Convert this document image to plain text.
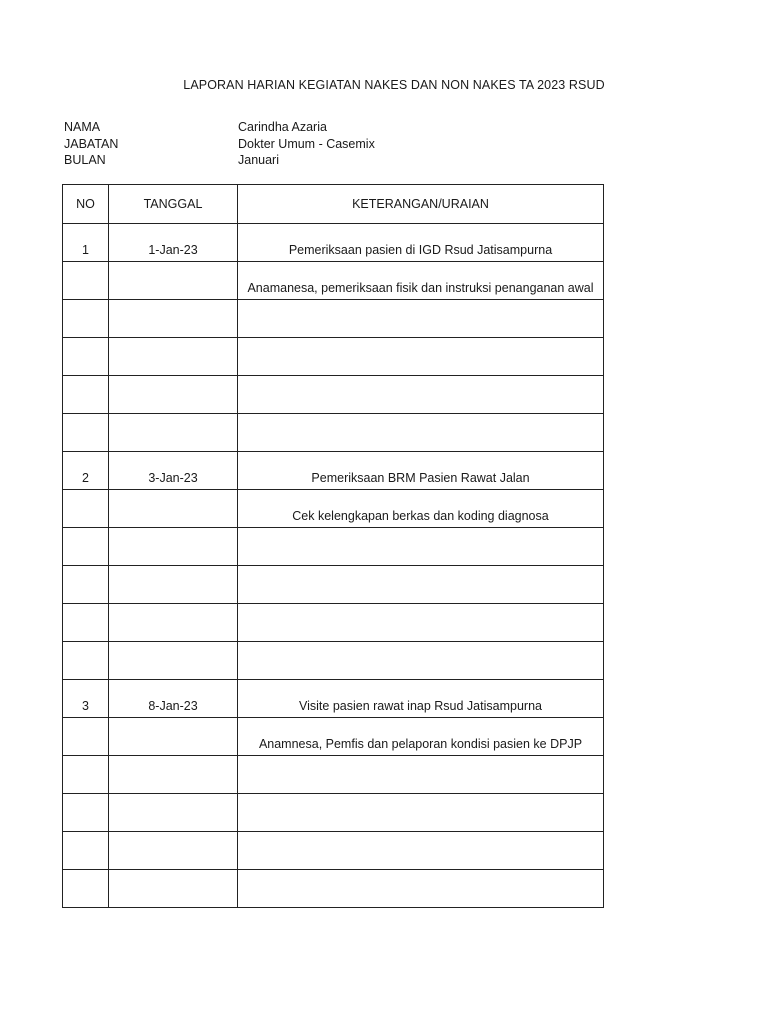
LAPORAN HARIAN KEGIATAN NAKES DAN NON NAKES TA 2023 RSUD
NAMA	Carindha Azaria
JABATAN	Dokter Umum - Casemix
BULAN	Januari
NO	TANGGAL	KETERANGAN/URAIAN
1	1-Jan-23	Pemeriksaan pasien di IGD Rsud Jatisampurna
		Anamanesa, pemeriksaan fisik dan instruksi penanganan awal

2	3-Jan-23	Pemeriksaan BRM Pasien Rawat Jalan
		Cek kelengkapan berkas dan koding diagnosa

3	8-Jan-23	Visite pasien rawat inap Rsud Jatisampurna
		Anamnesa, Pemfis dan pelaporan kondisi pasien ke DPJP
